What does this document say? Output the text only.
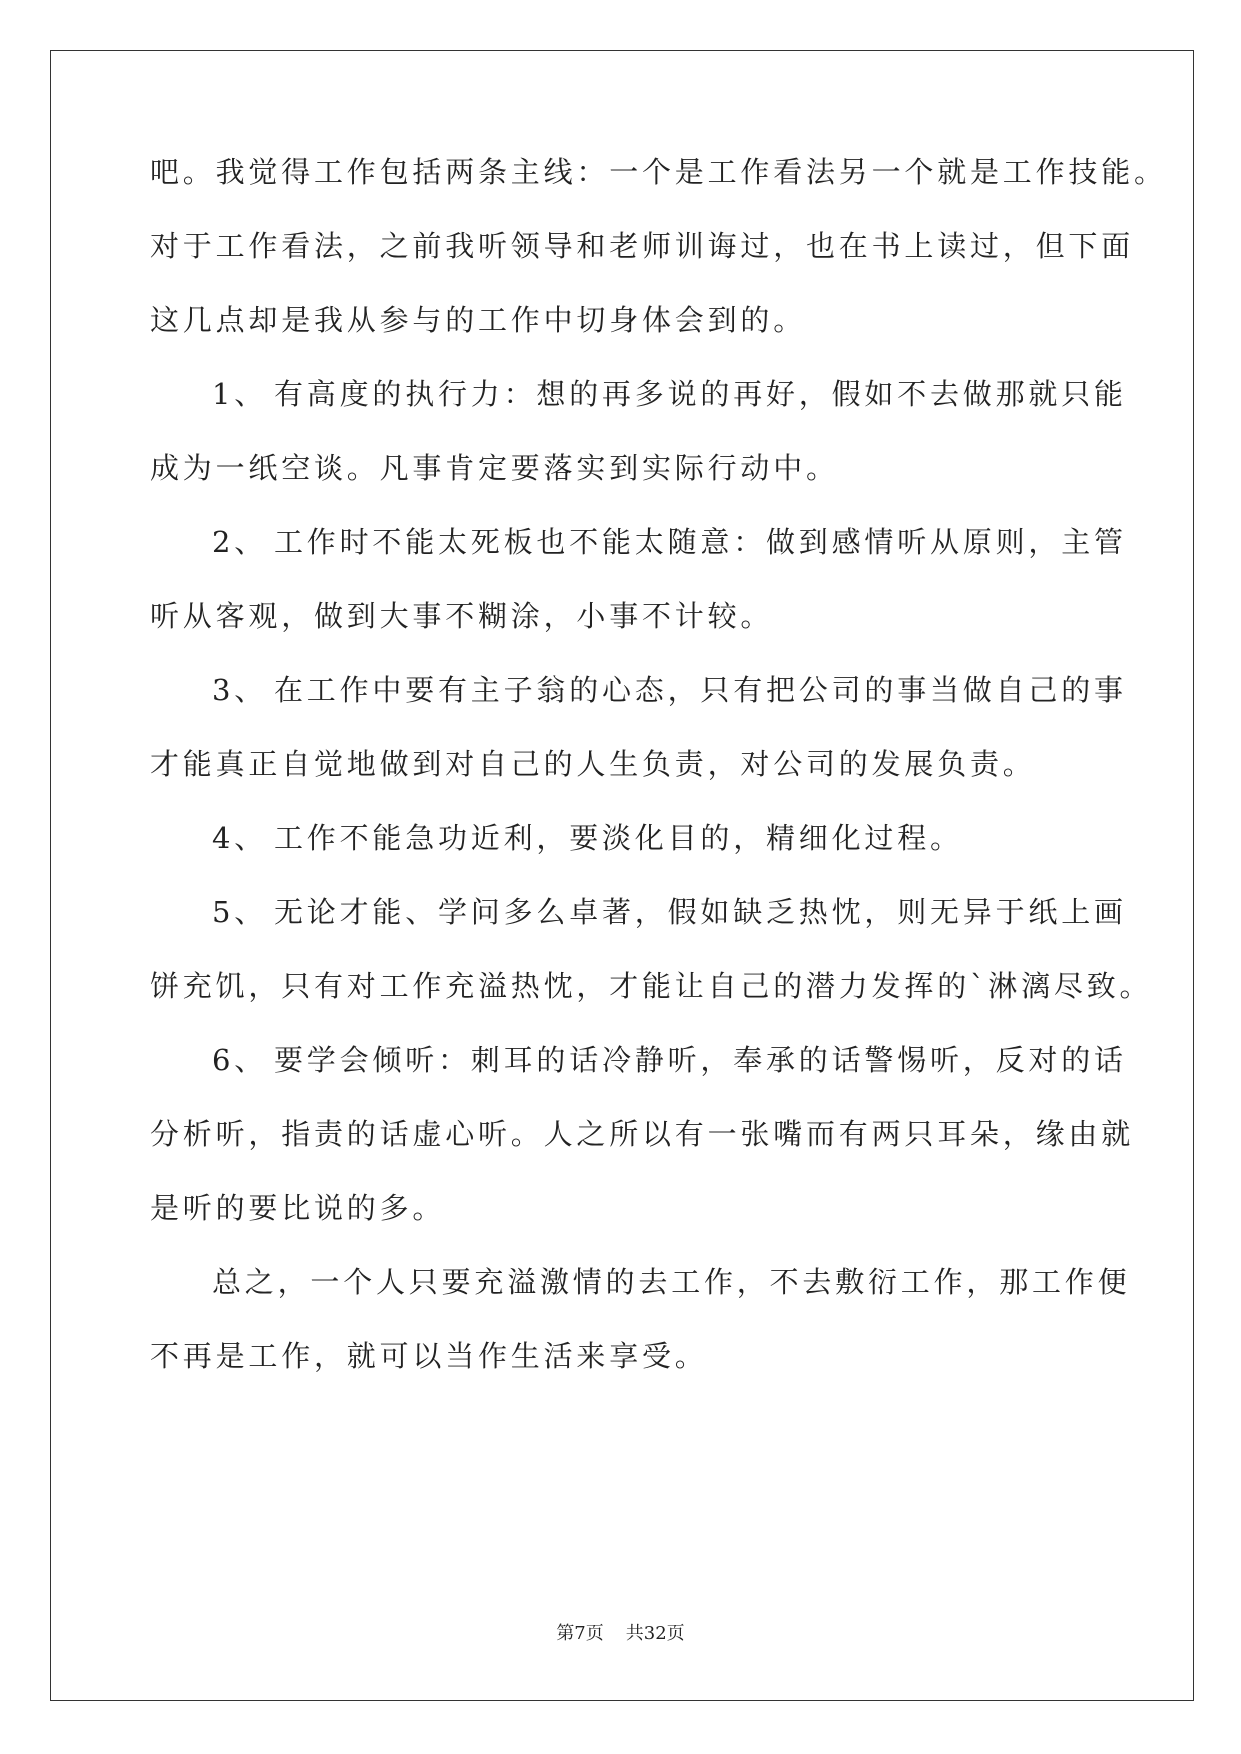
吧。我觉得工作包括两条主线：一个是工作看法另一个就是工作技能。
对于工作看法，之前我听领导和老师训诲过，也在书上读过，但下面
这几点却是我从参与的工作中切身体会到的。
1、 有高度的执行力：想的再多说的再好，假如不去做那就只能
成为一纸空谈。凡事肯定要落实到实际行动中。
2、 工作时不能太死板也不能太随意：做到感情听从原则，主管
听从客观，做到大事不糊涂，小事不计较。
3、 在工作中要有主子翁的心态，只有把公司的事当做自己的事
才能真正自觉地做到对自己的人生负责，对公司的发展负责。
4、 工作不能急功近利，要淡化目的，精细化过程。
5、 无论才能、学问多么卓著，假如缺乏热忱，则无异于纸上画
饼充饥，只有对工作充溢热忱，才能让自己的潜力发挥的`淋漓尽致。
6、 要学会倾听：刺耳的话冷静听，奉承的话警惕听，反对的话
分析听，指责的话虚心听。人之所以有一张嘴而有两只耳朵，缘由就
是听的要比说的多。
总之，一个人只要充溢激情的去工作，不去敷衍工作，那工作便
不再是工作，就可以当作生活来享受。
第7页 共32页
